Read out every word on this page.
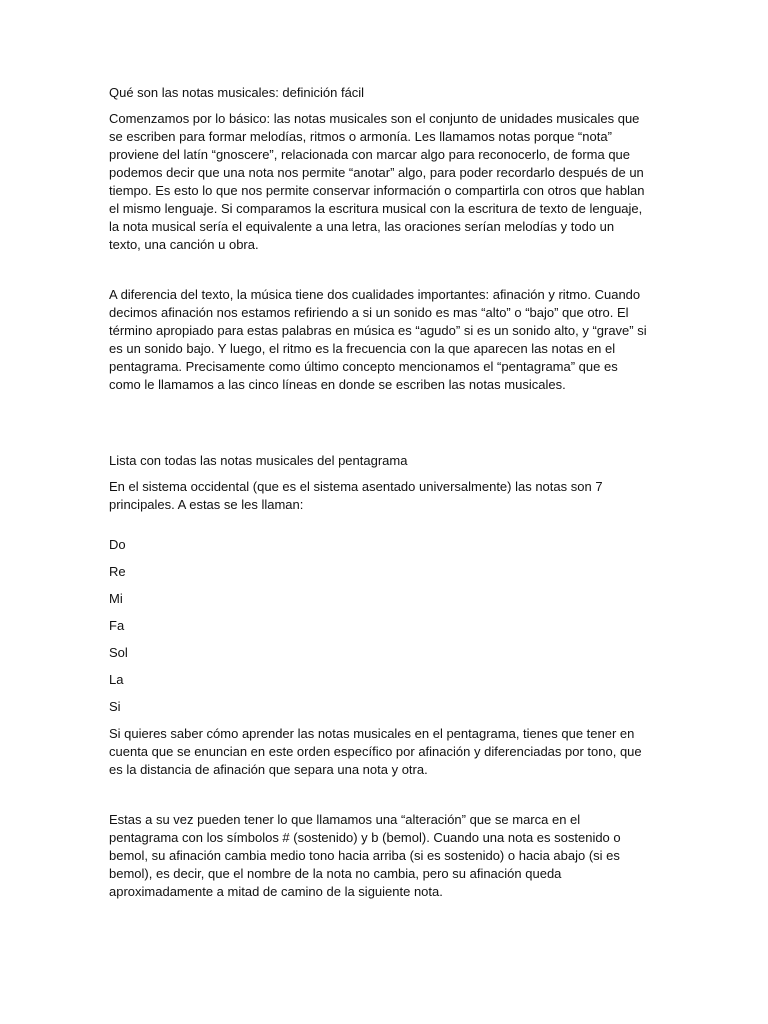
Qué son las notas musicales: definición fácil

Comenzamos por lo básico: las notas musicales son el conjunto de unidades musicales que se escriben para formar melodías, ritmos o armonía. Les llamamos notas porque “nota” proviene del latín “gnoscere”, relacionada con marcar algo para reconocerlo, de forma que podemos decir que una nota nos permite “anotar” algo, para poder recordarlo después de un tiempo. Es esto lo que nos permite conservar información o compartirla con otros que hablan el mismo lenguaje. Si comparamos la escritura musical con la escritura de texto de lenguaje, la nota musical sería el equivalente a una letra, las oraciones serían melodías y todo un texto, una canción u obra.

A diferencia del texto, la música tiene dos cualidades importantes: afinación y ritmo. Cuando decimos afinación nos estamos refiriendo a si un sonido es mas “alto” o “bajo” que otro. El término apropiado para estas palabras en música es “agudo” si es un sonido alto, y “grave” si es un sonido bajo. Y luego, el ritmo es la frecuencia con la que aparecen las notas en el pentagrama. Precisamente como último concepto mencionamos el “pentagrama” que es como le llamamos a las cinco líneas en donde se escriben las notas musicales.

Lista con todas las notas musicales del pentagrama

En el sistema occidental (que es el sistema asentado universalmente) las notas son 7 principales. A estas se les llaman:

Do
Re
Mi
Fa
Sol
La
Si

Si quieres saber cómo aprender las notas musicales en el pentagrama, tienes que tener en cuenta que se enuncian en este orden específico por afinación y diferenciadas por tono, que es la distancia de afinación que separa una nota y otra.

Estas a su vez pueden tener lo que llamamos una “alteración” que se marca en el pentagrama con los símbolos # (sostenido) y b (bemol). Cuando una nota es sostenido o bemol, su afinación cambia medio tono hacia arriba (si es sostenido) o hacia abajo (si es bemol), es decir, que el nombre de la nota no cambia, pero su afinación queda aproximadamente a mitad de camino de la siguiente nota.
